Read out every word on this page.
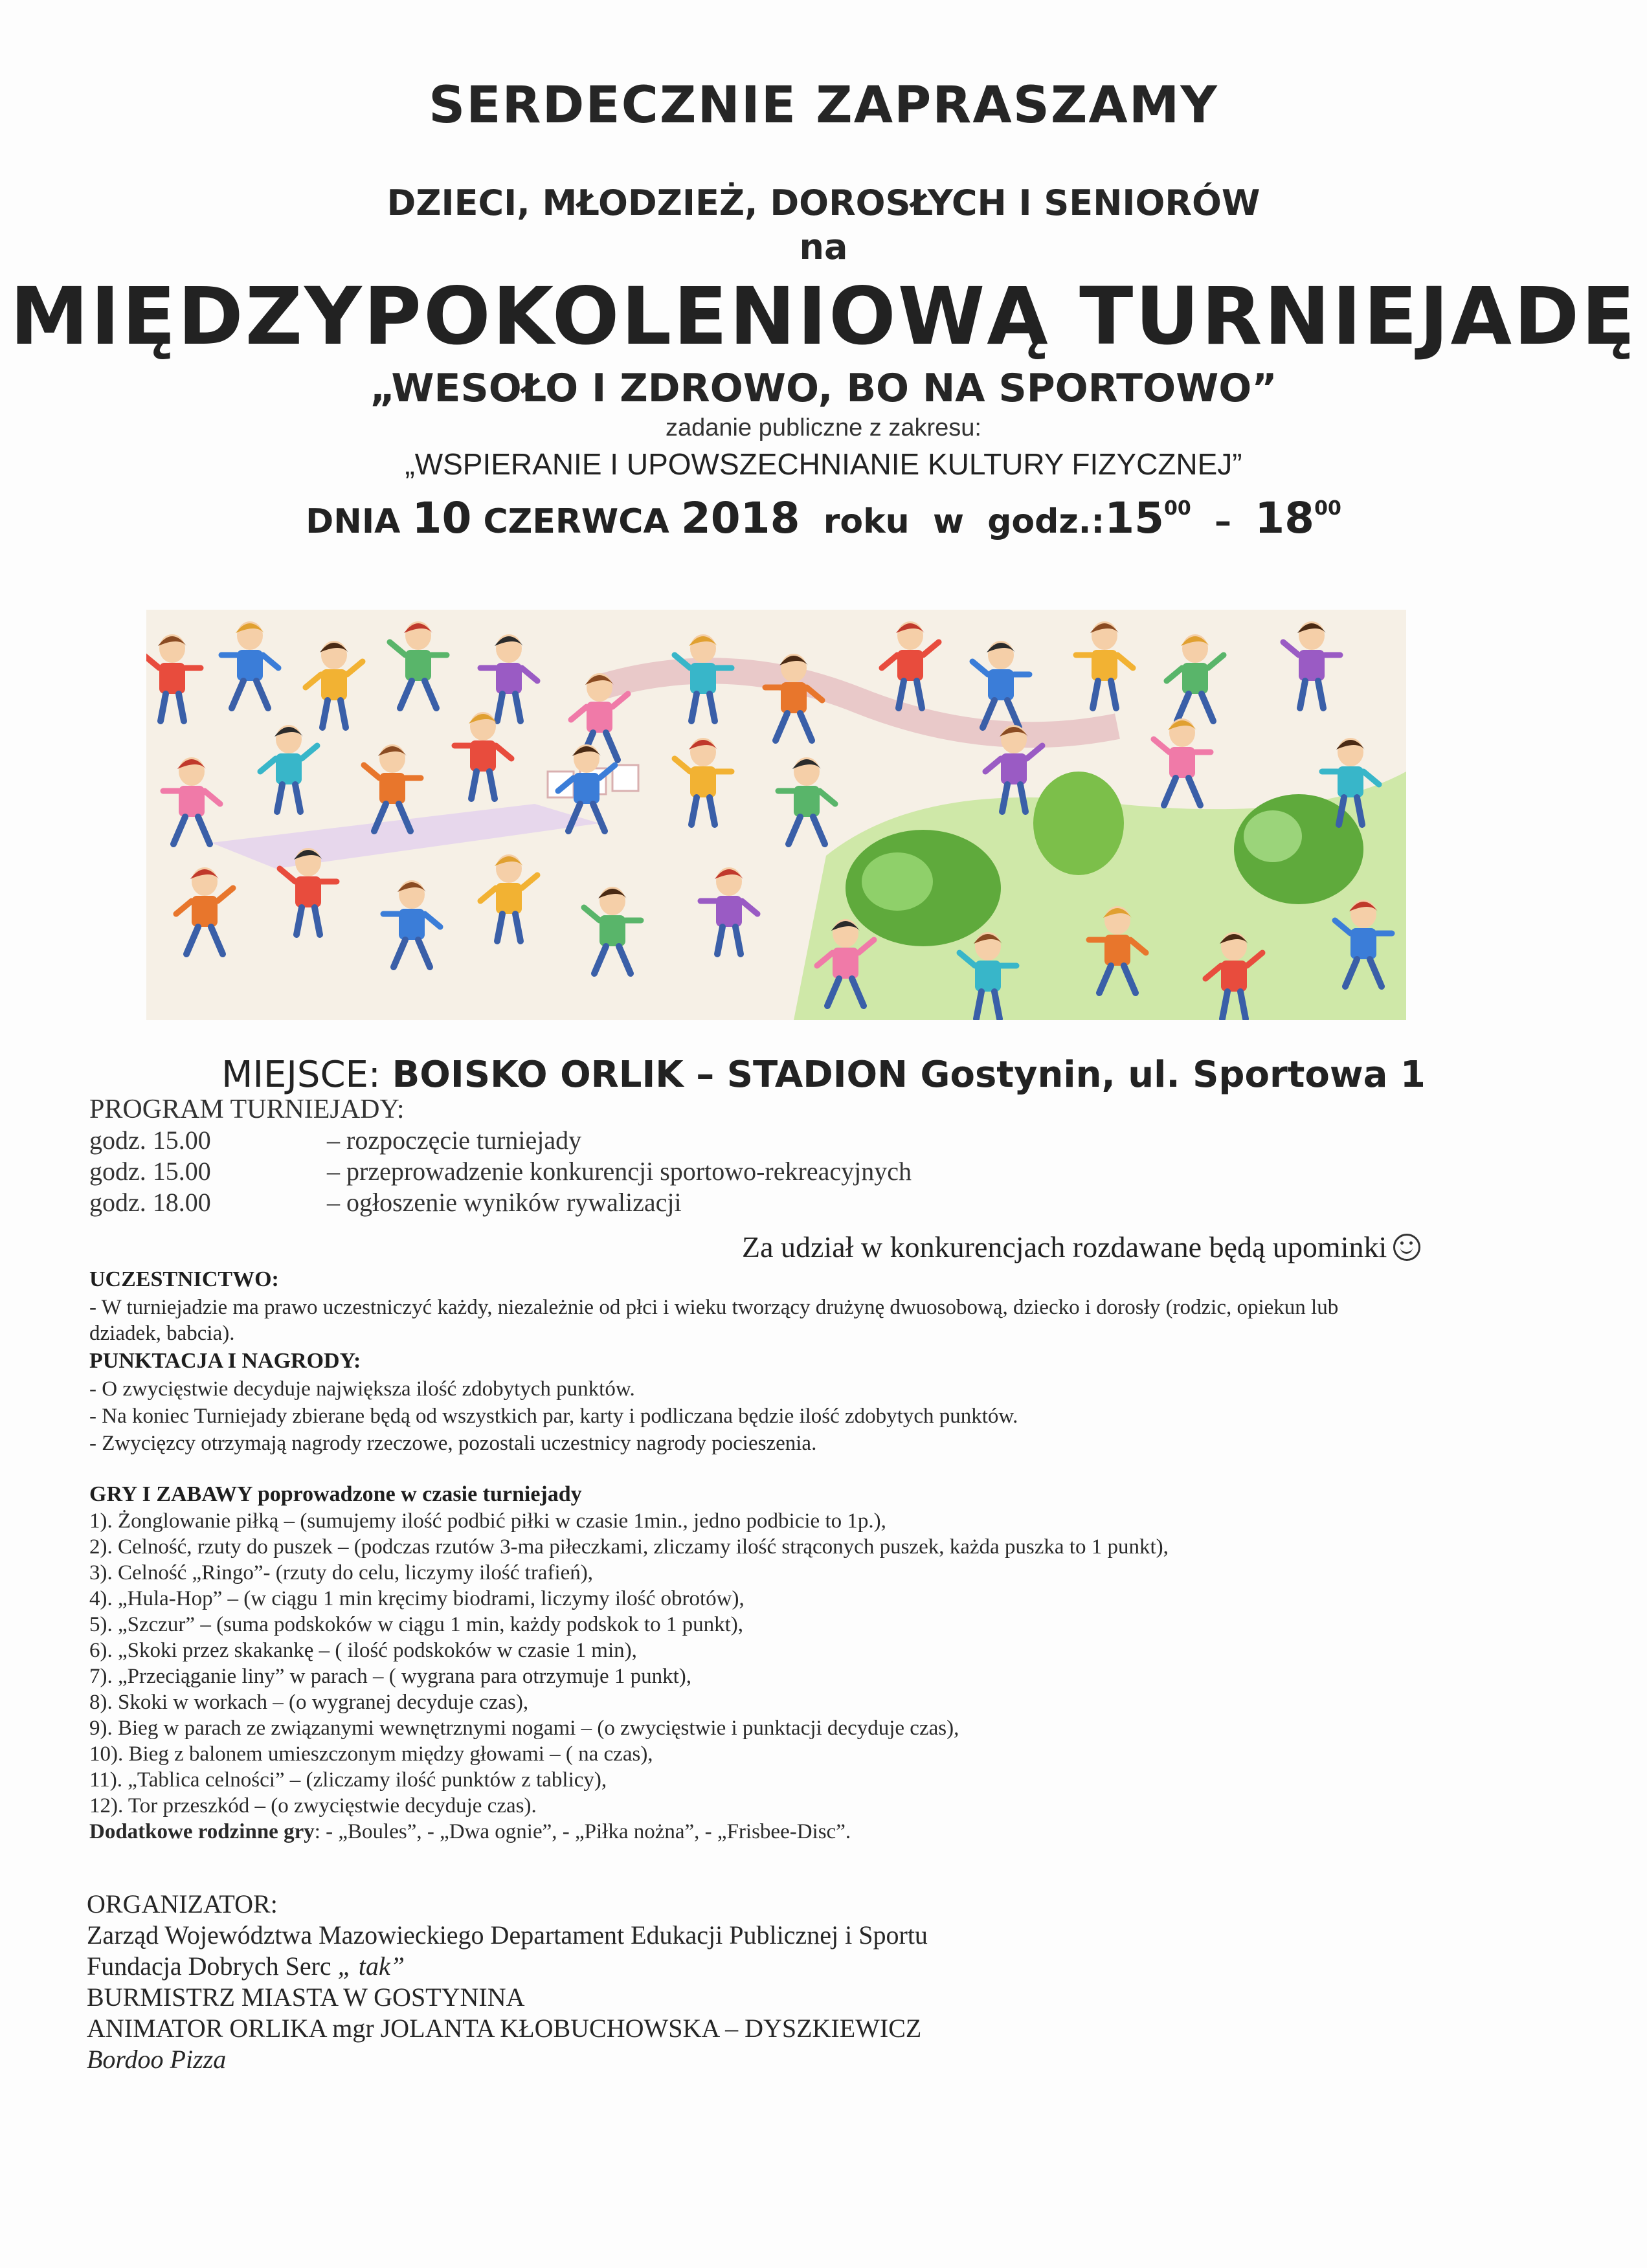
SERDECZNIE ZAPRASZAMY
DZIECI, MŁODZIEŻ, DOROSŁYCH I SENIORÓW
na
MIĘDZYPOKOLENIOWĄ TURNIEJADĘ
„WESOŁO I ZDROWO, BO NA SPORTOWO”
zadanie publiczne z zakresu:
„WSPIERANIE I UPOWSZECHNIANIE KULTURY FIZYCZNEJ”
DNIA 10 CZERWCA 2018 roku w $godz.:15^{00} - 18^{00}$
MIEJSCE: BOISKO ORLIK – STADION Gostynin, ul. Sportowa 1
PROGRAM TURNIEJADY:
godz. 15.00	– rozpoczęcie turniejady
godz. 15.00	– przeprowadzenie konkurencji sportowo-rekreacyjnych
godz. 18.00	– ogłoszenie wyników rywalizacji
Za udział w konkurencjach rozdawane będą upominki
UCZESTNICTWO:
- W turniejadzie ma prawo uczestniczyć każdy, niezależnie od płci i wieku tworzący drużynę dwuosobową, dziecko i dorosły (rodzic, opiekun lub
dziadek, babcia).
PUNKTACJA I NAGRODY:
- O zwycięstwie decyduje największa ilość zdobytych punktów.
- Na koniec Turniejady zbierane będą od wszystkich par, karty i podliczana będzie ilość zdobytych punktów.
- Zwycięzcy otrzymają nagrody rzeczowe, pozostali uczestnicy nagrody pocieszenia.
GRY I ZABAWY poprowadzone w czasie turniejady
1). Żonglowanie piłką – (sumujemy ilość podbić piłki w czasie 1min., jedno podbicie to 1p.),
2). Celność, rzuty do puszek – (podczas rzutów 3-ma piłeczkami, zliczamy ilość strąconych puszek, każda puszka to 1 punkt),
3). Celność „Ringo”- (rzuty do celu, liczymy ilość trafień),
4). „Hula-Hop” – (w ciągu 1 min kręcimy biodrami, liczymy ilość obrotów),
5). „Szczur” – (suma podskoków w ciągu 1 min, każdy podskok to 1 punkt),
6). „Skoki przez skakankę – ( ilość podskoków w czasie 1 min),
7). „Przeciąganie liny” w parach – ( wygrana para otrzymuje 1 punkt),
8). Skoki w workach – (o wygranej decyduje czas),
9). Bieg w parach ze związanymi wewnętrznymi nogami – (o zwycięstwie i punktacji decyduje czas),
10). Bieg z balonem umieszczonym między głowami – ( na czas),
11). „Tablica celności” – (zliczamy ilość punktów z tablicy),
12). Tor przeszkód – (o zwycięstwie decyduje czas).
Dodatkowe rodzinne gry: - „Boules”, - „Dwa ognie”, - „Piłka nożna”, - „Frisbee-Disc”.
ORGANIZATOR:
Zarząd Województwa Mazowieckiego Departament Edukacji Publicznej i Sportu
Fundacja Dobrych Serc „ tak”
BURMISTRZ MIASTA W GOSTYNINA
ANIMATOR ORLIKA mgr JOLANTA KŁOBUCHOWSKA – DYSZKIEWICZ
Bordoo Pizza
